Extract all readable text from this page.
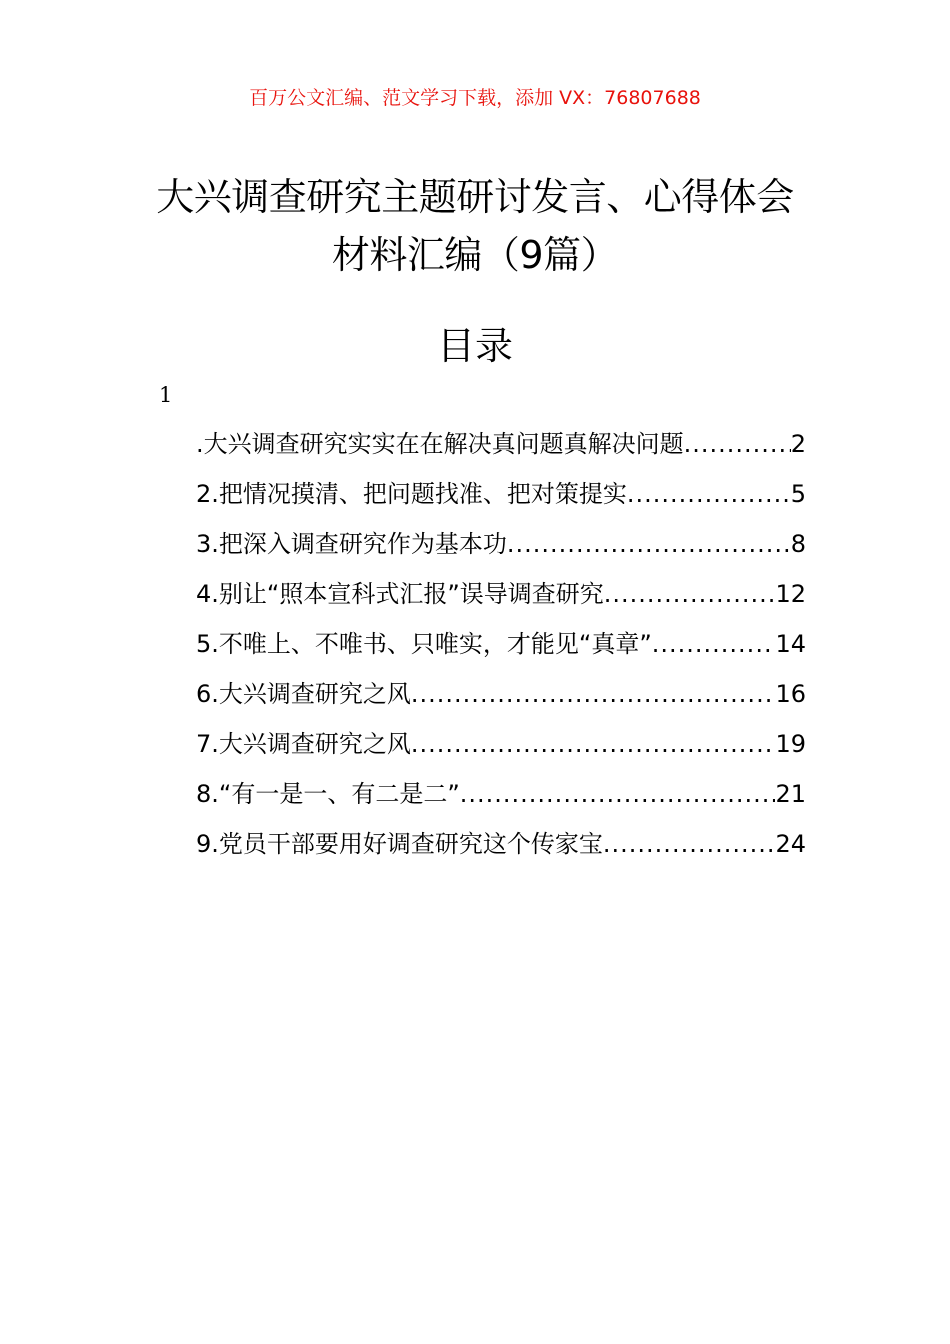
百万公文汇编、范文学习下载，添加 VX：76807688
大兴调查研究主题研讨发言、心得体会材料汇编（9篇）
目录
1
.大兴调查研究实实在在解决真问题真解决问题 .....	2
2.把情况摸清、把问题找准、把对策提实 .....	5
3.把深入调查研究作为基本功 .....	8
4.别让“照本宣科式汇报”误导调查研究 .....	12
5.不唯上、不唯书、只唯实，才能见“真章” .....	14
6.大兴调查研究之风 .....	16
7.大兴调查研究之风 .....	19
8.“有一是一、有二是二” .....	21
9.党员干部要用好调查研究这个传家宝 .....	24
